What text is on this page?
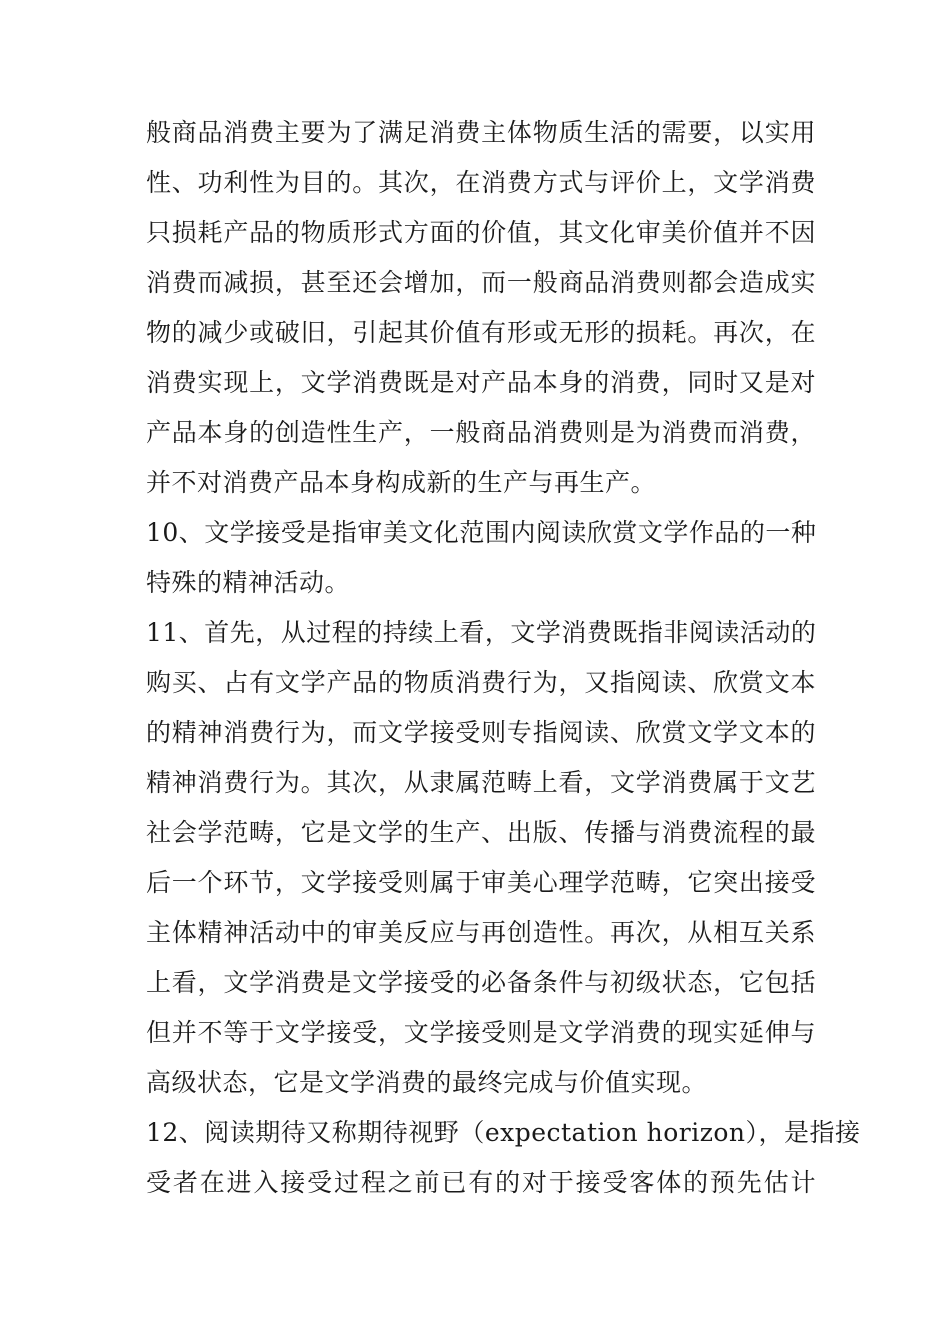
般商品消费主要为了满足消费主体物质生活的需要，以实用
性、功利性为目的。其次，在消费方式与评价上，文学消费
只损耗产品的物质形式方面的价值，其文化审美价值并不因
消费而减损，甚至还会增加，而一般商品消费则都会造成实
物的减少或破旧，引起其价值有形或无形的损耗。再次，在
消费实现上，文学消费既是对产品本身的消费，同时又是对
产品本身的创造性生产，一般商品消费则是为消费而消费，
并不对消费产品本身构成新的生产与再生产。

10、文学接受是指审美文化范围内阅读欣赏文学作品的一种
特殊的精神活动。

11、首先，从过程的持续上看，文学消费既指非阅读活动的
购买、占有文学产品的物质消费行为，又指阅读、欣赏文本
的精神消费行为，而文学接受则专指阅读、欣赏文学文本的
精神消费行为。其次，从隶属范畴上看，文学消费属于文艺
社会学范畴，它是文学的生产、出版、传播与消费流程的最
后一个环节，文学接受则属于审美心理学范畴，它突出接受
主体精神活动中的审美反应与再创造性。再次，从相互关系
上看，文学消费是文学接受的必备条件与初级状态，它包括
但并不等于文学接受，文学接受则是文学消费的现实延伸与
高级状态，它是文学消费的最终完成与价值实现。

12、阅读期待又称期待视野（expectation horizon），是指接
受者在进入接受过程之前已有的对于接受客体的预先估计
